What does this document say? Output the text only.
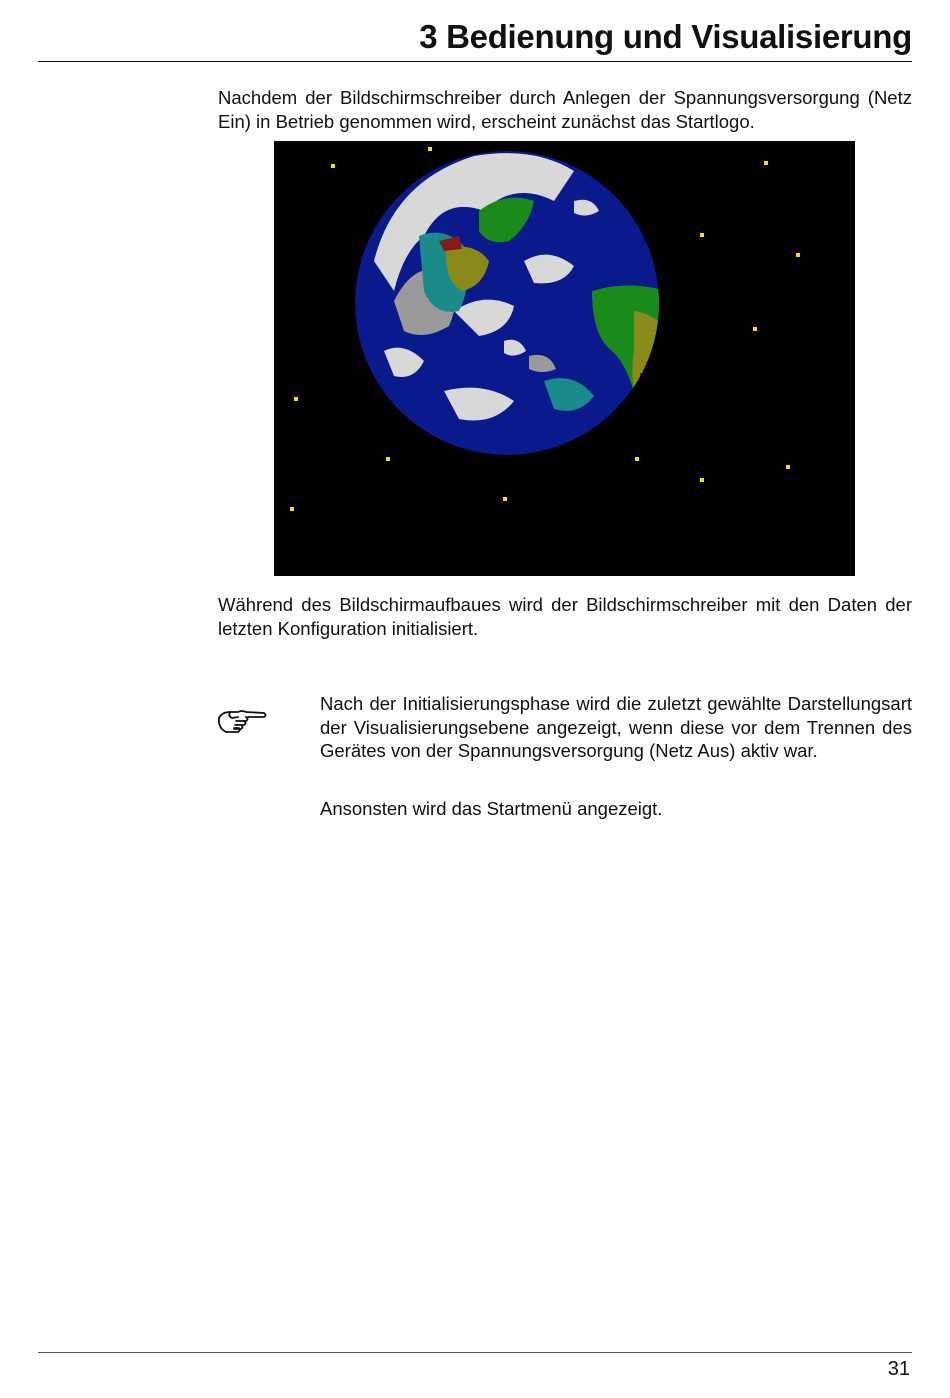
3 Bedienung und Visualisierung

Nachdem der Bildschirmschreiber durch Anlegen der Spannungsversorgung (Netz Ein) in Betrieb genommen wird, erscheint zunächst das Startlogo.

Während des Bildschirmaufbaues wird der Bildschirmschreiber mit den Daten der letzten Konfiguration initialisiert.

Nach der Initialisierungsphase wird die zuletzt gewählte Darstellungsart der Visualisierungsebene angezeigt, wenn diese vor dem Trennen des Gerätes von der Spannungsversorgung (Netz Aus) aktiv war.

Ansonsten wird das Startmenü angezeigt.

31
